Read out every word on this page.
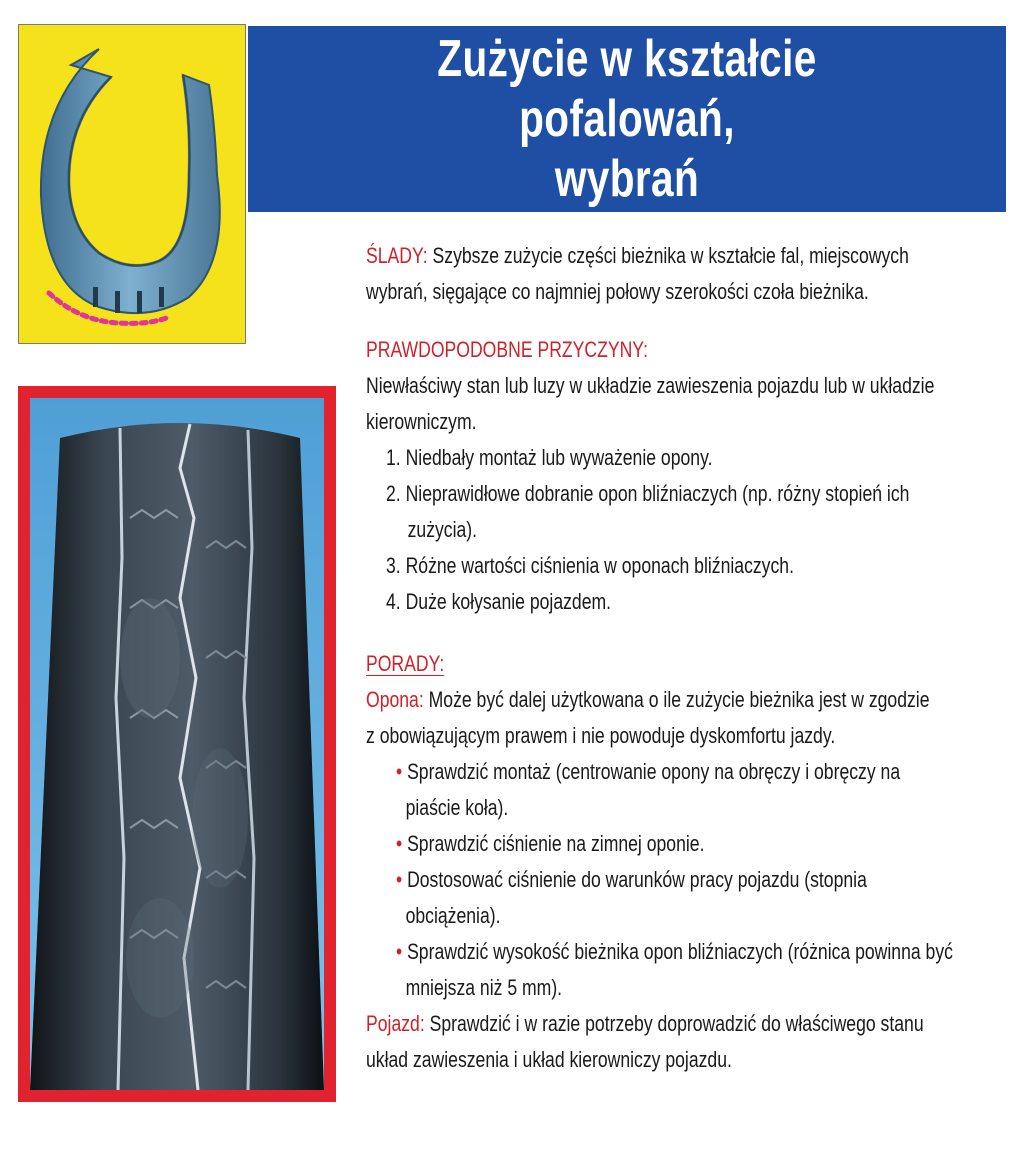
Zużycie w kształcie pofalowań,
wybrań
ŚLADY: Szybsze zużycie części bieżnika w kształcie fal, miejscowych
wybrań, sięgające co najmniej połowy szerokości czoła bieżnika.
PRAWDOPODOBNE PRZYCZYNY:
Niewłaściwy stan lub luzy w układzie zawieszenia pojazdu lub w układzie
kierowniczym.
1. Niedbały montaż lub wyważenie opony.
2. Nieprawidłowe dobranie opon bliźniaczych (np. różny stopień ich
zużycia).
3. Różne wartości ciśnienia w oponach bliźniaczych.
4. Duże kołysanie pojazdem.
PORADY:
Opona: Może być dalej użytkowana o ile zużycie bieżnika jest w zgodzie
z obowiązującym prawem i nie powoduje dyskomfortu jazdy.
• Sprawdzić montaż (centrowanie opony na obręczy i obręczy na
piaście koła).
• Sprawdzić ciśnienie na zimnej oponie.
• Dostosować ciśnienie do warunków pracy pojazdu (stopnia
obciążenia).
• Sprawdzić wysokość bieżnika opon bliźniaczych (różnica powinna być
mniejsza niż 5 mm).
Pojazd: Sprawdzić i w razie potrzeby doprowadzić do właściwego stanu
układ zawieszenia i układ kierowniczy pojazdu.
